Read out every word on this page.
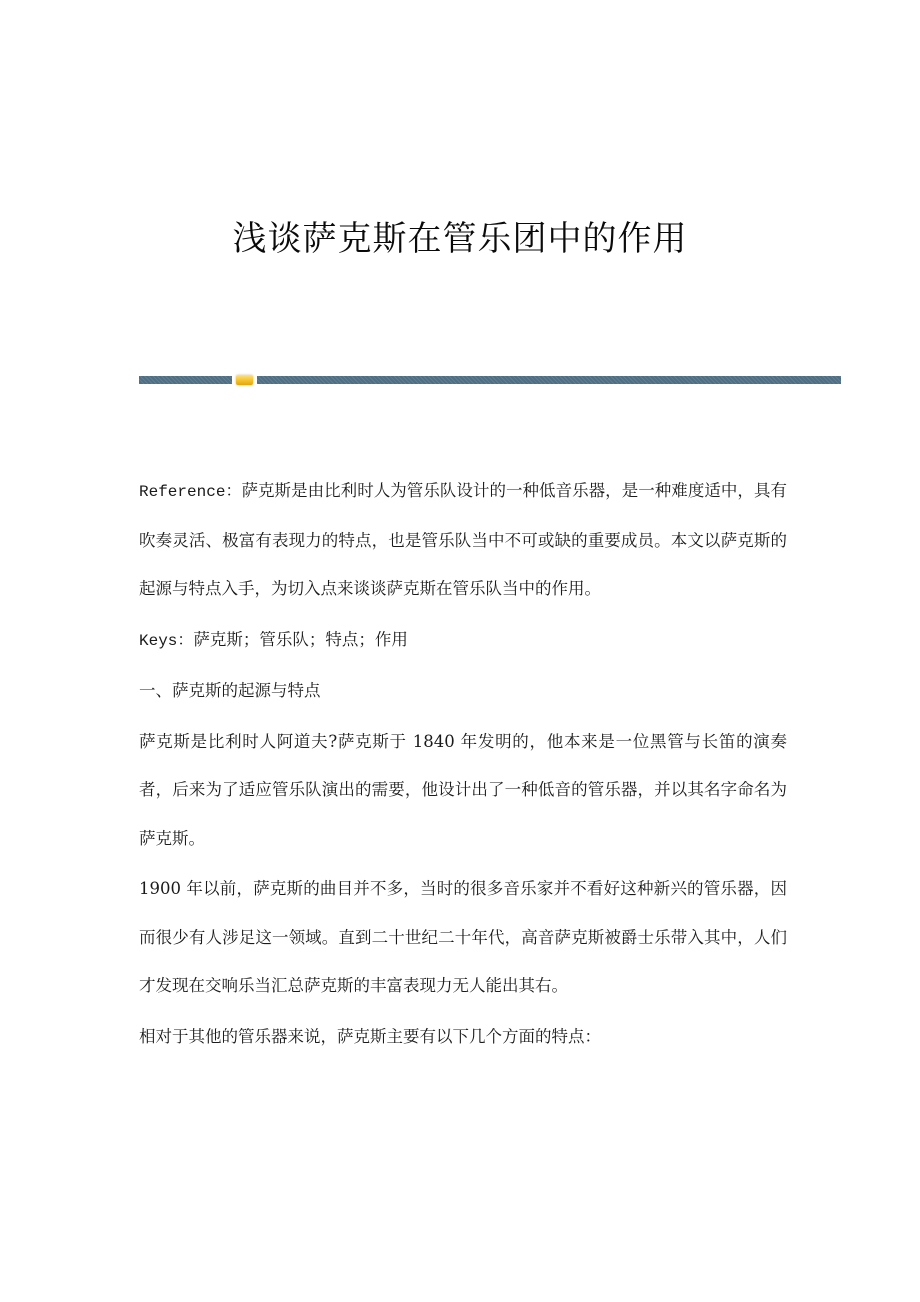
浅谈萨克斯在管乐团中的作用

Reference：萨克斯是由比利时人为管乐队设计的一种低音乐器，是一种难度适中，具有吹奏灵活、极富有表现力的特点，也是管乐队当中不可或缺的重要成员。本文以萨克斯的起源与特点入手，为切入点来谈谈萨克斯在管乐队当中的作用。

Keys：萨克斯；管乐队；特点；作用

一、萨克斯的起源与特点

萨克斯是比利时人阿道夫?萨克斯于 1840 年发明的，他本来是一位黑管与长笛的演奏者，后来为了适应管乐队演出的需要，他设计出了一种低音的管乐器，并以其名字命名为萨克斯。

1900 年以前，萨克斯的曲目并不多，当时的很多音乐家并不看好这种新兴的管乐器，因而很少有人涉足这一领域。直到二十世纪二十年代，高音萨克斯被爵士乐带入其中，人们才发现在交响乐当汇总萨克斯的丰富表现力无人能出其右。

相对于其他的管乐器来说，萨克斯主要有以下几个方面的特点：
